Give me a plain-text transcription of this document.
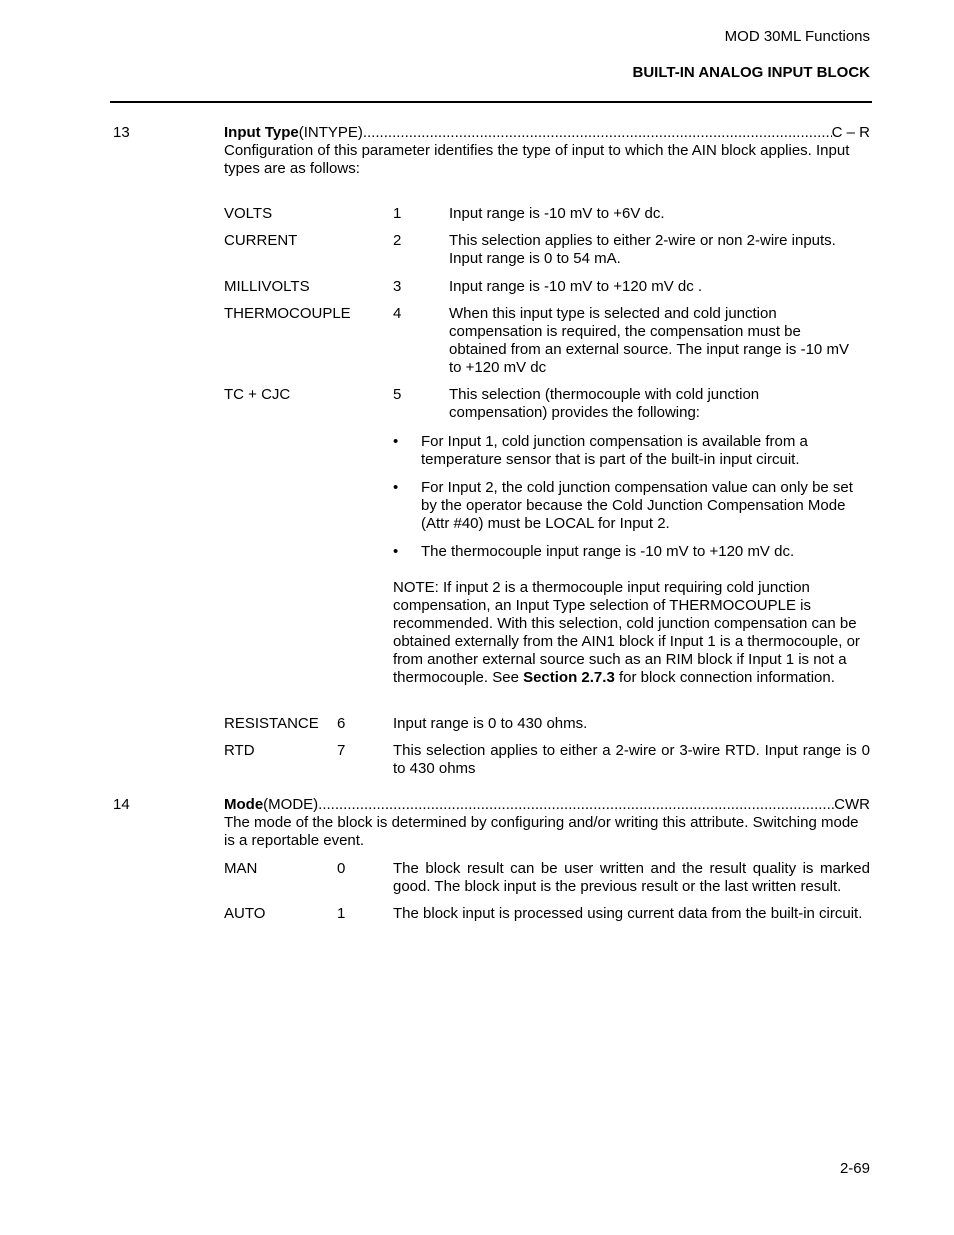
MOD 30ML Functions
BUILT-IN ANALOG INPUT BLOCK
13	Input Type (INTYPE) .....	C – R
Configuration of this parameter identifies the type of input to which the AIN block applies. Input types are as follows:
VOLTS	1	Input range is -10 mV to +6V dc.
CURRENT	2	This selection applies to either 2-wire or non 2-wire inputs. Input range is 0 to 54 mA.
MILLIVOLTS	3	Input range is -10 mV to +120 mV dc .
THERMOCOUPLE	4	When this input type is selected and cold junction compensation is required, the compensation must be obtained from an external source. The input range is -10 mV to +120 mV dc
TC + CJC	5	This selection (thermocouple with cold junction compensation) provides the following:
• For Input 1, cold junction compensation is available from a temperature sensor that is part of the built-in input circuit.
• For Input 2, the cold junction compensation value can only be set by the operator because the Cold Junction Compensation Mode (Attr #40) must be LOCAL for Input 2.
• The thermocouple input range is -10 mV to +120 mV dc.
NOTE: If input 2 is a thermocouple input requiring cold junction compensation, an Input Type selection of THERMOCOUPLE is recommended. With this selection, cold junction compensation can be obtained externally from the AIN1 block if Input 1 is a thermocouple, or from another external source such as an RIM block if Input 1 is not a thermocouple. See Section 2.7.3 for block connection information.
RESISTANCE 6	Input range is 0 to 430 ohms.
RTD	7	This selection applies to either a 2-wire or 3-wire RTD. Input range is 0 to 430 ohms
14	Mode (MODE) .....	CWR
The mode of the block is determined by configuring and/or writing this attribute. Switching mode is a reportable event.
MAN	0	The block result can be user written and the result quality is marked good. The block input is the previous result or the last written result.
AUTO	1	The block input is processed using current data from the built-in circuit.
2-69
